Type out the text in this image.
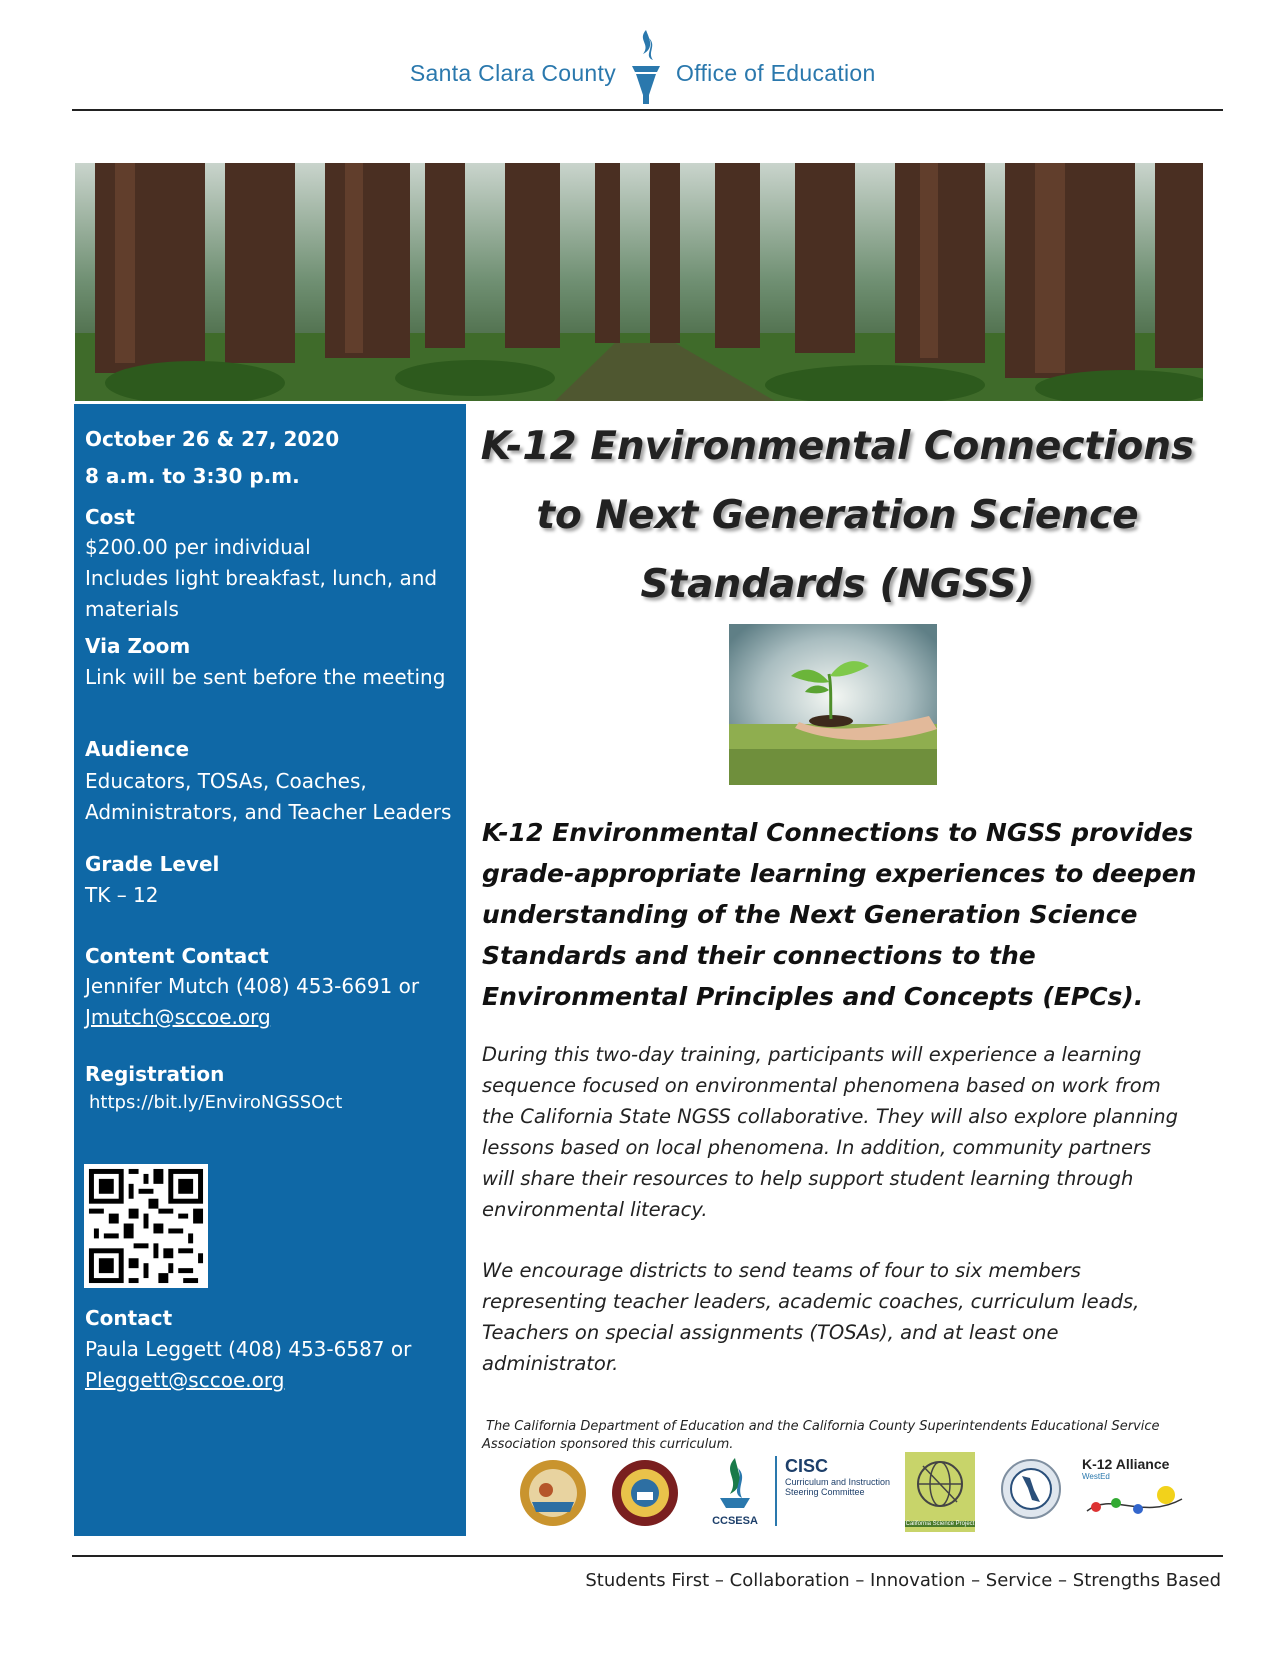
Santa Clara County	Office of Education
October 26 & 27, 2020
8 a.m. to 3:30 p.m.
Cost
$200.00 per individual
Includes light breakfast, lunch, and
materials
Via Zoom
Link will be sent before the meeting
Audience
Educators, TOSAs, Coaches,
Administrators, and Teacher Leaders
Grade Level
TK – 12
Content Contact
Jennifer Mutch (408) 453-6691 or
Jmutch@sccoe.org
Registration
https://bit.ly/EnviroNGSSOct
Contact
Paula Leggett (408) 453-6587 or
Pleggett@sccoe.org
K-12 Environmental Connections
to Next Generation Science
Standards (NGSS)
K-12 Environmental Connections to NGSS provides
grade-appropriate learning experiences to deepen
understanding of the Next Generation Science
Standards and their connections to the
Environmental Principles and Concepts (EPCs).
During this two-day training, participants will experience a learning
sequence focused on environmental phenomena based on work from
the California State NGSS collaborative. They will also explore planning
lessons based on local phenomena. In addition, community partners
will share their resources to help support student learning through
environmental literacy.
We encourage districts to send teams of four to six members
representing teacher leaders, academic coaches, curriculum leads,
Teachers on special assignments (TOSAs), and at least one
administrator.
The California Department of Education and the California County Superintendents Educational Service
Association sponsored this curriculum.
CCSESA
CISC
Curriculum and Instruction
Steering Committee
California Science Project
K-12 Alliance
WestEd
Students First – Collaboration – Innovation – Service – Strengths Based
